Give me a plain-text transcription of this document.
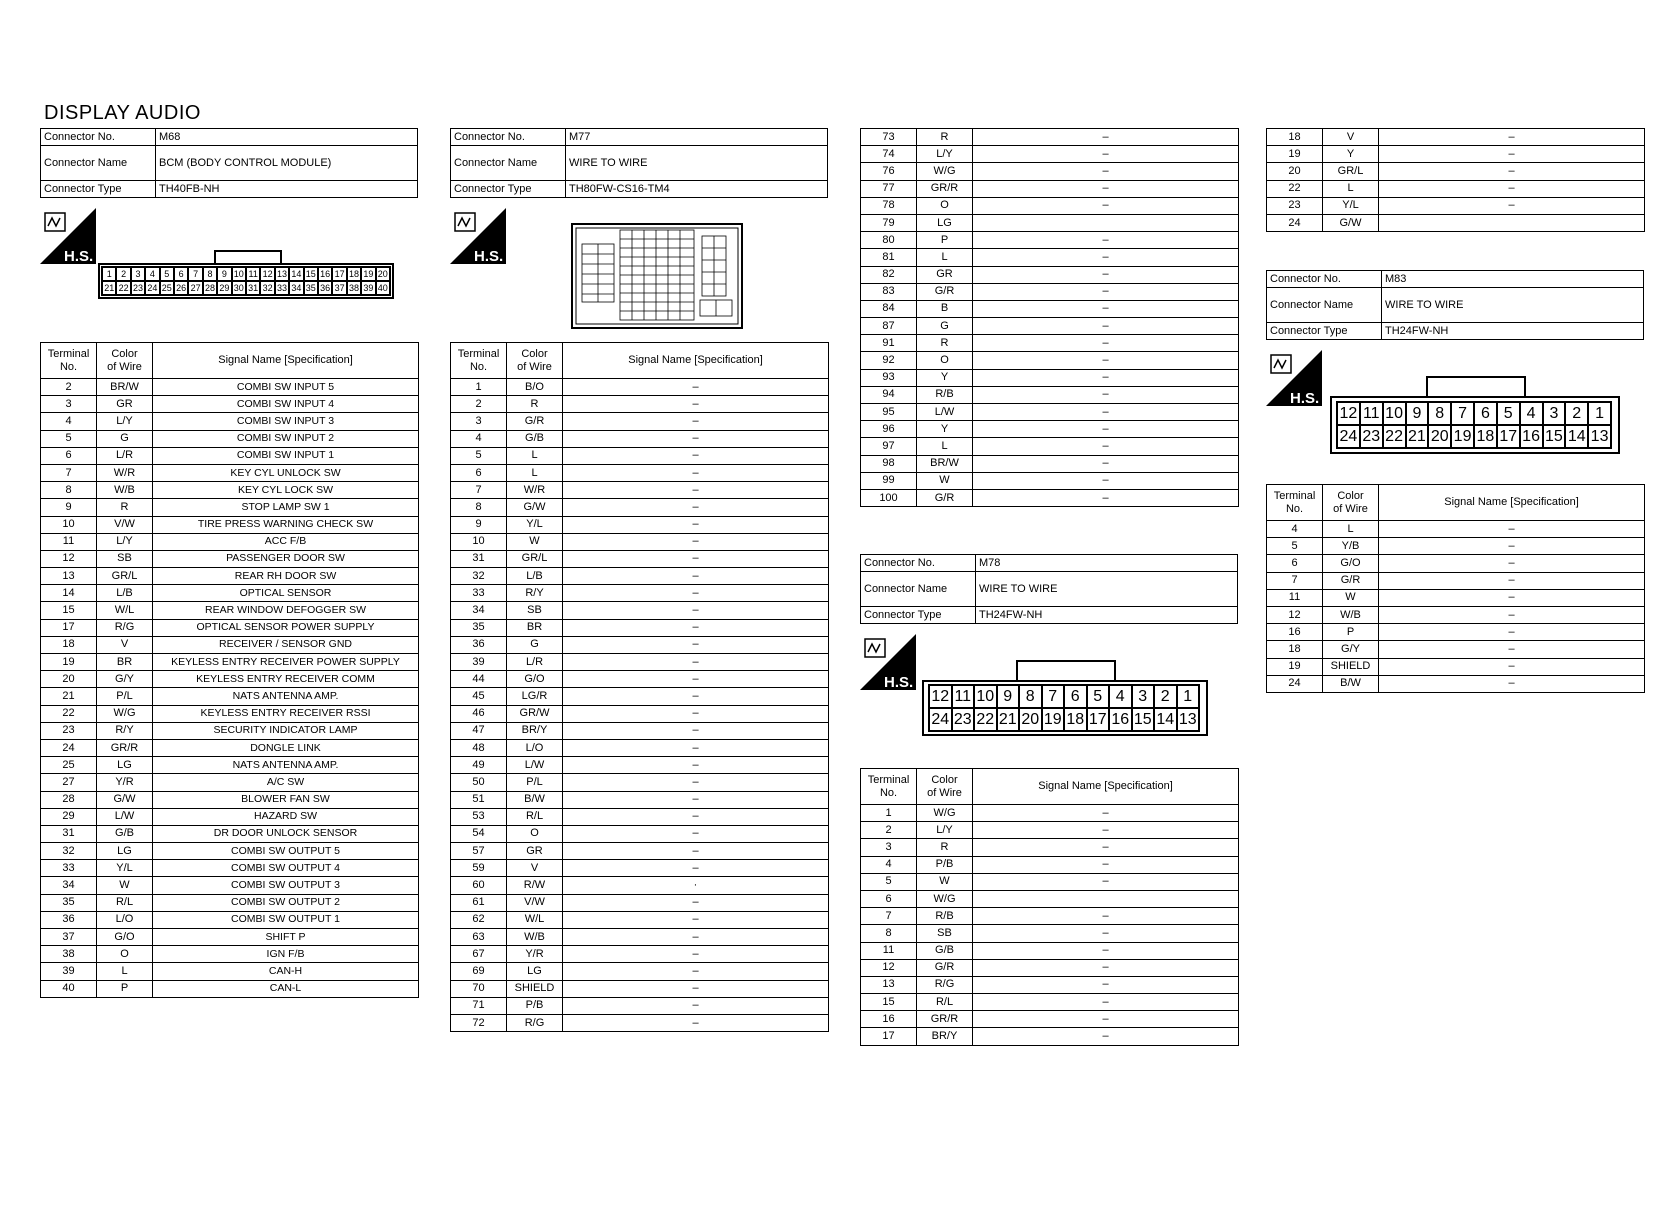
DISPLAY AUDIO
Connector No.	M68
Connector Name	BCM (BODY CONTROL MODULE)
Connector Type	TH40FB-NH
H.S.
1	2	3	4	5	6	7	8	9 10 11 12 13 14 15 16 17 18 19 20
21 22 23 24 25 26 27 28 29 30 31 32 33 34 35 36 37 38 39 40
Terminal
No.	Color
of Wire	Signal Name [Specification]
2	BR/W	COMBI SW INPUT 5
3	GR	COMBI SW INPUT 4
4	L/Y	COMBI SW INPUT 3
5	G	COMBI SW INPUT 2
6	L/R	COMBI SW INPUT 1
7	W/R	KEY CYL UNLOCK SW
8	W/B	KEY CYL LOCK SW
9	R	STOP LAMP SW 1
10	V/W	TIRE PRESS WARNING CHECK SW
11	L/Y	ACC F/B
12	SB	PASSENGER DOOR SW
13	GR/L	REAR RH DOOR SW
14	L/B	OPTICAL SENSOR
15	W/L	REAR WINDOW DEFOGGER SW
17	R/G	OPTICAL SENSOR POWER SUPPLY
18	V	RECEIVER / SENSOR GND
19	BR	KEYLESS ENTRY RECEIVER POWER SUPPLY
20	G/Y	KEYLESS ENTRY RECEIVER COMM
21	P/L	NATS ANTENNA AMP.
22	W/G	KEYLESS ENTRY RECEIVER RSSI
23	R/Y	SECURITY INDICATOR LAMP
24	GR/R	DONGLE LINK
25	LG	NATS ANTENNA AMP.
27	Y/R	A/C SW
28	G/W	BLOWER FAN SW
29	L/W	HAZARD SW
31	G/B	DR DOOR UNLOCK SENSOR
32	LG	COMBI SW OUTPUT 5
33	Y/L	COMBI SW OUTPUT 4
34	W	COMBI SW OUTPUT 3
35	R/L	COMBI SW OUTPUT 2
36	L/O	COMBI SW OUTPUT 1
37	G/O	SHIFT P
38	O	IGN F/B
39	L	CAN-H
40	P	CAN-L
Connector No.	M77
Connector Name	WIRE TO WIRE
Connector Type	TH80FW-CS16-TM4
H.S.
Terminal
No.	Color
of Wire	Signal Name [Specification]
1	B/O	–
2	R	–
3	G/R	–
4	G/B	–
5	L	–
6	L	–
7	W/R	–
8	G/W	–
9	Y/L	–
10	W	–
31	GR/L	–
32	L/B	–
33	R/Y	–
34	SB	–
35	BR	–
36	G	–
39	L/R	–
44	G/O	–
45	LG/R	–
46	GR/W	–
47	BR/Y	–
48	L/O	–
49	L/W	–
50	P/L	–
51	B/W	–
53	R/L	–
54	O	–
57	GR	–
59	V	–
60	R/W	·
61	V/W	–
62	W/L	–
63	W/B	–
67	Y/R	–
69	LG	–
70	SHIELD	–
71	P/B	–
72	R/G	–
73	R	–
74	L/Y	–
76	W/G	–
77	GR/R	–
78	O	–
79	LG	
80	P	–
81	L	–
82	GR	–
83	G/R	–
84	B	–
87	G	–
91	R	–
92	O	–
93	Y	–
94	R/B	–
95	L/W	–
96	Y	–
97	L	–
98	BR/W	–
99	W	–
100	G/R	–
Connector No.	M78
Connector Name	WIRE TO WIRE
Connector Type	TH24FW-NH
H.S.
12 11 10 9 8 7 6 5 4 3 2 1
24 23 22 21 20 19 18 17 16 15 14 13
Terminal
No.	Color
of Wire	Signal Name [Specification]
1	W/G	–
2	L/Y	–
3	R	–
4	P/B	–
5	W	–
6	W/G	
7	R/B	–
8	SB	–
11	G/B	–
12	G/R	–
13	R/G	–
15	R/L	–
16	GR/R	–
17	BR/Y	–
18	V	–
19	Y	–
20	GR/L	–
22	L	–
23	Y/L	–
24	G/W	
Connector No.	M83
Connector Name	WIRE TO WIRE
Connector Type	TH24FW-NH
H.S.
12 11 10 9 8 7 6 5 4 3 2 1
24 23 22 21 20 19 18 17 16 15 14 13
Terminal
No.	Color
of Wire	Signal Name [Specification]
4	L	–
5	Y/B	–
6	G/O	–
7	G/R	–
11	W	–
12	W/B	–
16	P	–
18	G/Y	–
19	SHIELD	–
24	B/W	–
